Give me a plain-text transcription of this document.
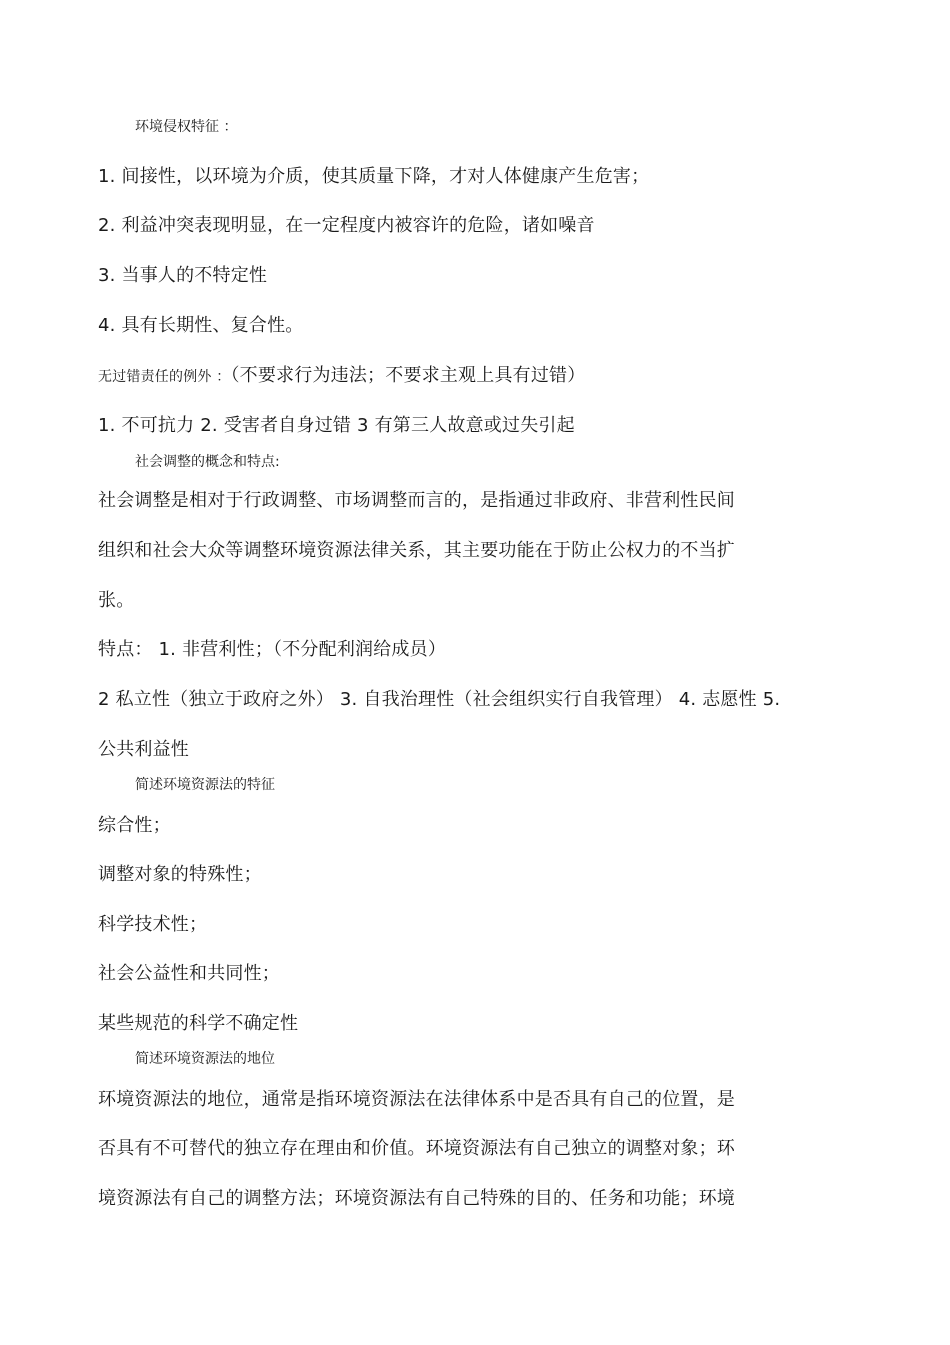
环境侵权特征 ：
1. 间接性，以环境为介质，使其质量下降，才对人体健康产生危害；
2. 利益冲突表现明显，在一定程度内被容许的危险，诸如噪音
3. 当事人的不特定性
4. 具有长期性、复合性。
无过错责任的例外 ：（不要求行为违法；不要求主观上具有过错）
1. 不可抗力 2. 受害者自身过错 3 有第三人故意或过失引起
社会调整的概念和特点:
社会调整是相对于行政调整、市场调整而言的，是指通过非政府、非营利性民间
组织和社会大众等调整环境资源法律关系，其主要功能在于防止公权力的不当扩
张。
特点： 1. 非营利性；（不分配利润给成员）
2 私立性（独立于政府之外） 3. 自我治理性（社会组织实行自我管理） 4. 志愿性 5.
公共利益性
简述环境资源法的特征
综合性；
调整对象的特殊性；
科学技术性；
社会公益性和共同性；
某些规范的科学不确定性
简述环境资源法的地位
环境资源法的地位，通常是指环境资源法在法律体系中是否具有自己的位置，是
否具有不可替代的独立存在理由和价值。环境资源法有自己独立的调整对象；环
境资源法有自己的调整方法；环境资源法有自己特殊的目的、任务和功能；环境
